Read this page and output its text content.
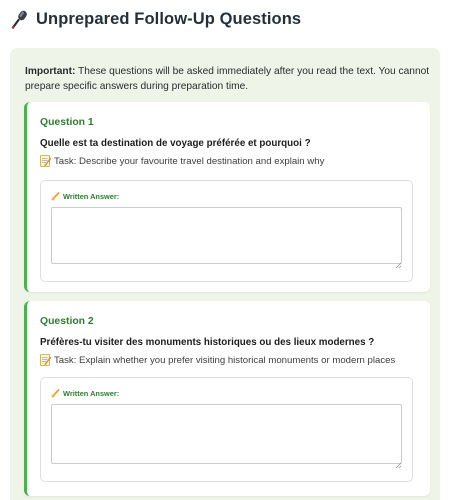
Unprepared Follow-Up Questions
Important: These questions will be asked immediately after you read the text. You cannot prepare specific answers during preparation time.
Question 1
Quelle est ta destination de voyage préférée et pourquoi ?
Task: Describe your favourite travel destination and explain why
Written Answer:
Question 2
Préfères-tu visiter des monuments historiques ou des lieux modernes ?
Task: Explain whether you prefer visiting historical monuments or modern places
Written Answer:
